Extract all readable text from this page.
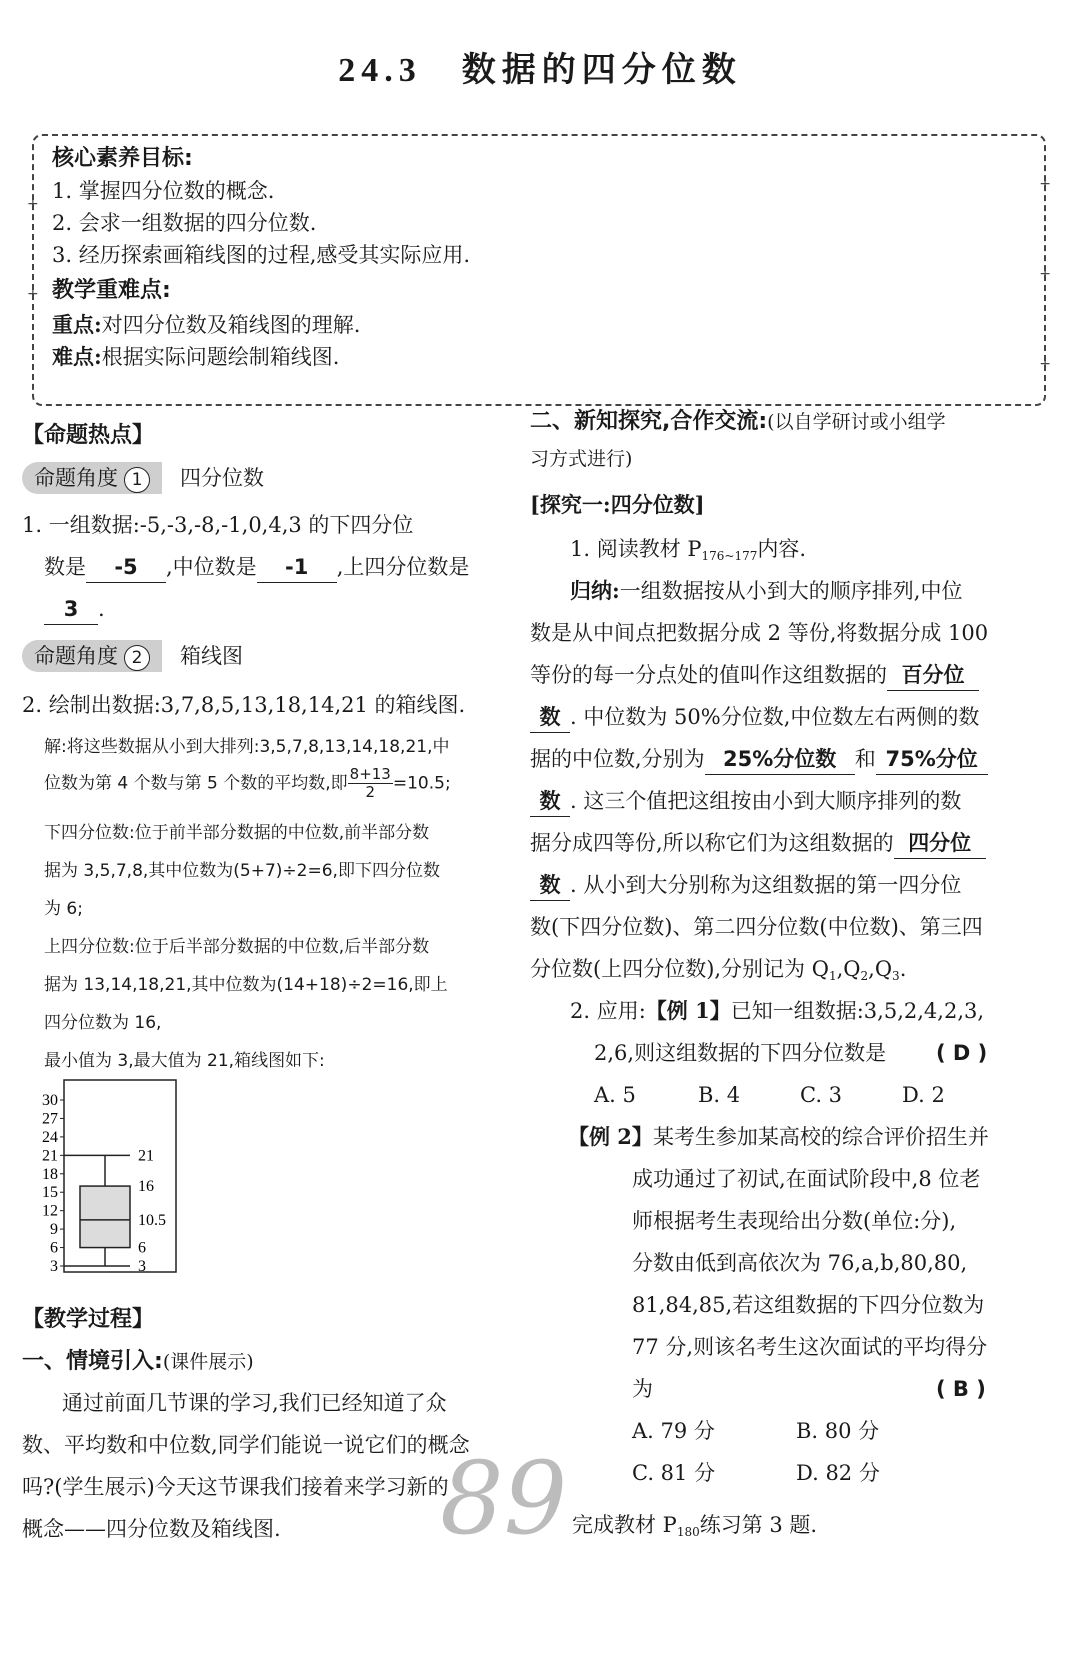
24.3 数据的四分位数
+
+
+
+
+
核心素养目标:
1. 掌握四分位数的概念.
2. 会求一组数据的四分位数.
3. 经历探索画箱线图的过程,感受其实际应用.
教学重难点:
重点:对四分位数及箱线图的理解.
难点:根据实际问题绘制箱线图.
【命题热点】
命题角度 1 四分位数
1. 一组数据:-5,-3,-8,-1,0,4,3 的下四分位
数是 -5 ,中位数是 -1 ,上四分位数是
3 .
命题角度 2 箱线图
2. 绘制出数据:3,7,8,5,13,18,14,21 的箱线图.
解:将这些数据从小到大排列:3,5,7,8,13,14,18,21,中
位数为第 4 个数与第 5 个数的平均数,即 $\frac{8+13}{2}=10.5$;
下四分位数:位于前半部分数据的中位数,前半部分数
据为 3,5,7,8,其中位数为(5+7)÷2=6,即下四分位数
为 6;
上四分位数:位于后半部分数据的中位数,后半部分数
据为 13,14,18,21,其中位数为(14+18)÷2=16,即上
四分位数为 16,
最小值为 3,最大值为 21,箱线图如下:
3
6
9
12
15
18
21
24
27
30
21
16
10.5
6
3
【教学过程】
一、情境引入:(课件展示)
通过前面几节课的学习,我们已经知道了众
数、平均数和中位数,同学们能说一说它们的概念
吗?(学生展示)今天这节课我们接着来学习新的
概念——四分位数及箱线图. 89
二、新知探究,合作交流:(以自学研讨或小组学
习方式进行)
[探究一:四分位数]
1. 阅读教材 $P_{176\sim 177}$内容.
归纳:一组数据按从小到大的顺序排列,中位
数是从中间点把数据分成 2 等份,将数据分成 100
等份的每一分点处的值叫作这组数据的 百分位
数 . 中位数为 50%分位数,中位数左右两侧的数
据的中位数,分别为 25%分位数 和 75%分位
数 . 这三个值把这组按由小到大顺序排列的数
据分成四等份,所以称它们为这组数据的 四分位
数 . 从小到大分别称为这组数据的第一四分位
数(下四分位数)、第二四分位数(中位数)、第三四
分位数(上四分位数),分别记为 $Q_1,Q_2,Q_3$.
2. 应用:【例 1】已知一组数据:3,5,2,4,2,3,
2,6,则这组数据的下四分位数是 ( D )
A. 5	B. 4	C. 3	D. 2
【例 2】某考生参加某高校的综合评价招生并
成功通过了初试,在面试阶段中,8 位老
师根据考生表现给出分数(单位:分),
分数由低到高依次为 76,a,b,80,80,
81,84,85,若这组数据的下四分位数为
77 分,则该名考生这次面试的平均得分
为	( B )
A. 79 分	B. 80 分
C. 81 分	D. 82 分
完成教材 $P_{180}$练习第 3 题.
